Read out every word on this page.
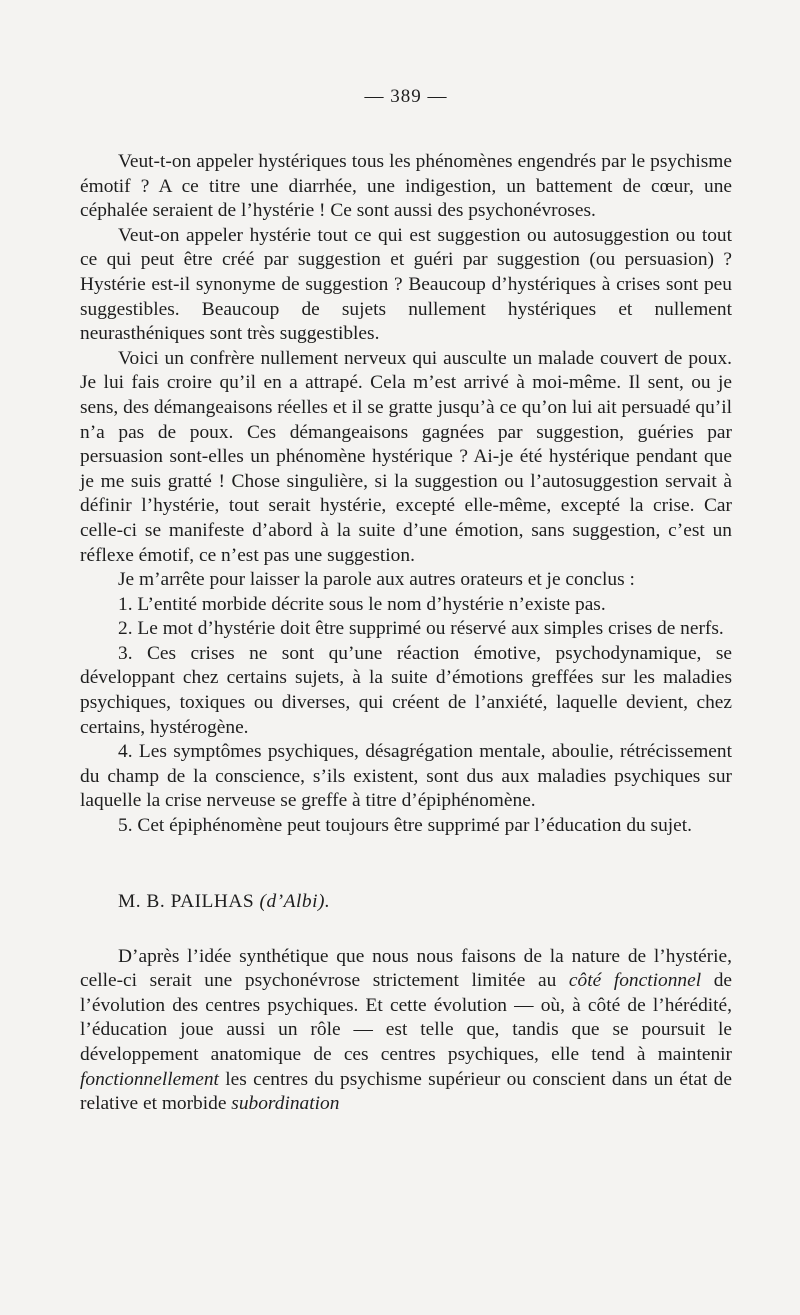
— 389 —

Veut-t-on appeler hystériques tous les phénomènes engendrés par le psychisme émotif ? A ce titre une diarrhée, une indigestion, un battement de cœur, une céphalée seraient de l’hystérie ! Ce sont aussi des psychonévroses.

Veut-on appeler hystérie tout ce qui est suggestion ou autosuggestion ou tout ce qui peut être créé par suggestion et guéri par suggestion (ou persuasion) ? Hystérie est-il synonyme de suggestion ? Beaucoup d’hystériques à crises sont peu suggestibles. Beaucoup de sujets nullement hystériques et nullement neurasthéniques sont très suggestibles.

Voici un confrère nullement nerveux qui ausculte un malade couvert de poux. Je lui fais croire qu’il en a attrapé. Cela m’est arrivé à moi-même. Il sent, ou je sens, des démangeaisons réelles et il se gratte jusqu’à ce qu’on lui ait persuadé qu’il n’a pas de poux. Ces démangeaisons gagnées par suggestion, guéries par persuasion sont-elles un phénomène hystérique ? Ai-je été hystérique pendant que je me suis gratté ! Chose singulière, si la suggestion ou l’autosuggestion servait à définir l’hystérie, tout serait hystérie, excepté elle-même, excepté la crise. Car celle-ci se manifeste d’abord à la suite d’une émotion, sans suggestion, c’est un réflexe émotif, ce n’est pas une suggestion.

Je m’arrête pour laisser la parole aux autres orateurs et je conclus :

1. L’entité morbide décrite sous le nom d’hystérie n’existe pas.

2. Le mot d’hystérie doit être supprimé ou réservé aux simples crises de nerfs.

3. Ces crises ne sont qu’une réaction émotive, psychodynamique, se développant chez certains sujets, à la suite d’émotions greffées sur les maladies psychiques, toxiques ou diverses, qui créent de l’anxiété, laquelle devient, chez certains, hystérogène.

4. Les symptômes psychiques, désagrégation mentale, aboulie, rétrécissement du champ de la conscience, s’ils existent, sont dus aux maladies psychiques sur laquelle la crise nerveuse se greffe à titre d’épiphénomène.

5. Cet épiphénomène peut toujours être supprimé par l’éducation du sujet.

M. B. PAILHAS (d’Albi).

D’après l’idée synthétique que nous nous faisons de la nature de l’hystérie, celle-ci serait une psychonévrose strictement limitée au côté fonctionnel de l’évolution des centres psychiques. Et cette évolution — où, à côté de l’hérédité, l’éducation joue aussi un rôle — est telle que, tandis que se poursuit le développement anatomique de ces centres psychiques, elle tend à maintenir fonctionnellement les centres du psychisme supérieur ou conscient dans un état de relative et morbide subordination
